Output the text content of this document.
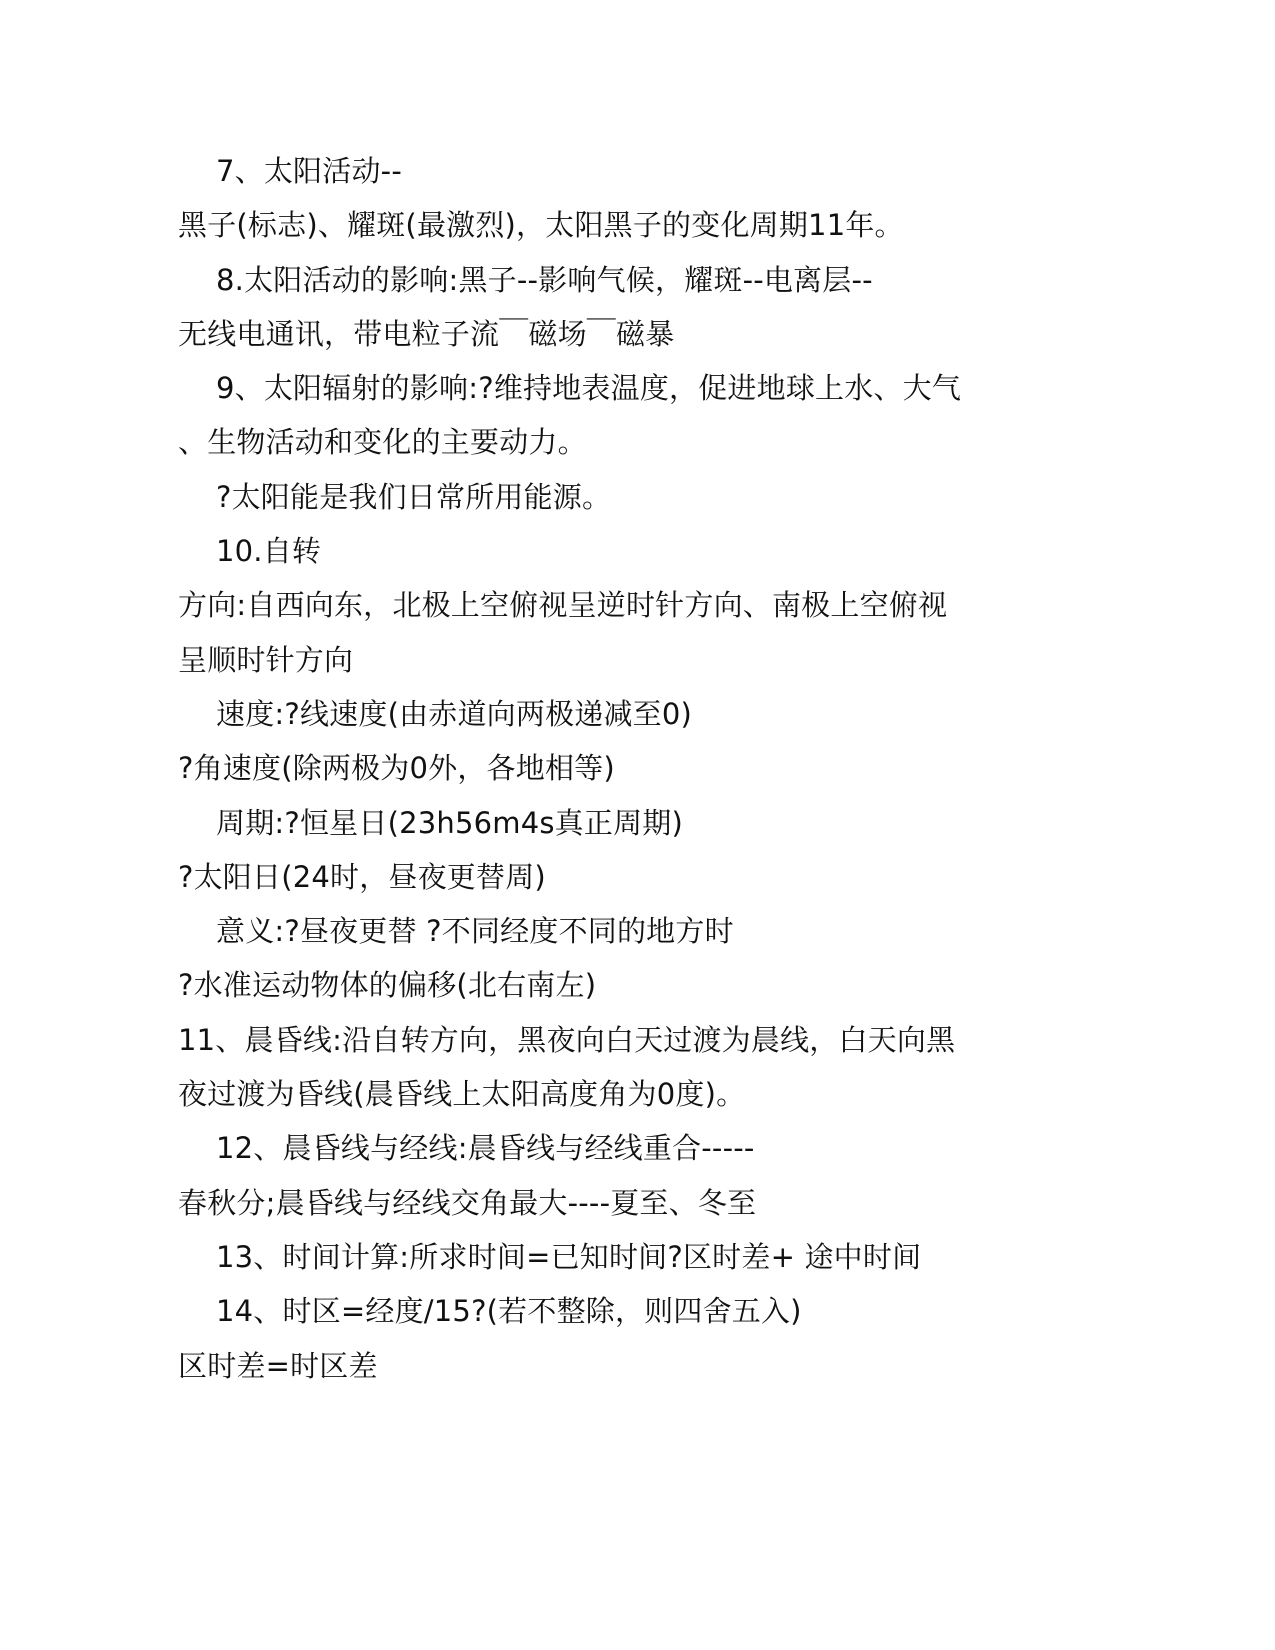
7、太阳活动--
黑子(标志)、耀斑(最激烈)，太阳黑子的变化周期11年。
8.太阳活动的影响:黑子--影响气候，耀斑--电离层--
无线电通讯，带电粒子流￣磁场￣磁暴
9、太阳辐射的影响:?维持地表温度，促进地球上水、大气
、生物活动和变化的主要动力。
?太阳能是我们日常所用能源。
10.自转
方向:自西向东，北极上空俯视呈逆时针方向、南极上空俯视
呈顺时针方向
速度:?线速度(由赤道向两极递减至0)
?角速度(除两极为0外，各地相等)
周期:?恒星日(23h56m4s真正周期)
?太阳日(24时，昼夜更替周)
意义:?昼夜更替 ?不同经度不同的地方时
?水准运动物体的偏移(北右南左)
11、晨昏线:沿自转方向，黑夜向白天过渡为晨线，白天向黑
夜过渡为昏线(晨昏线上太阳高度角为0度)。
12、晨昏线与经线:晨昏线与经线重合-----
春秋分;晨昏线与经线交角最大----夏至、冬至
13、时间计算:所求时间=已知时间?区时差+ 途中时间
14、时区=经度/15?(若不整除，则四舍五入)
区时差=时区差
